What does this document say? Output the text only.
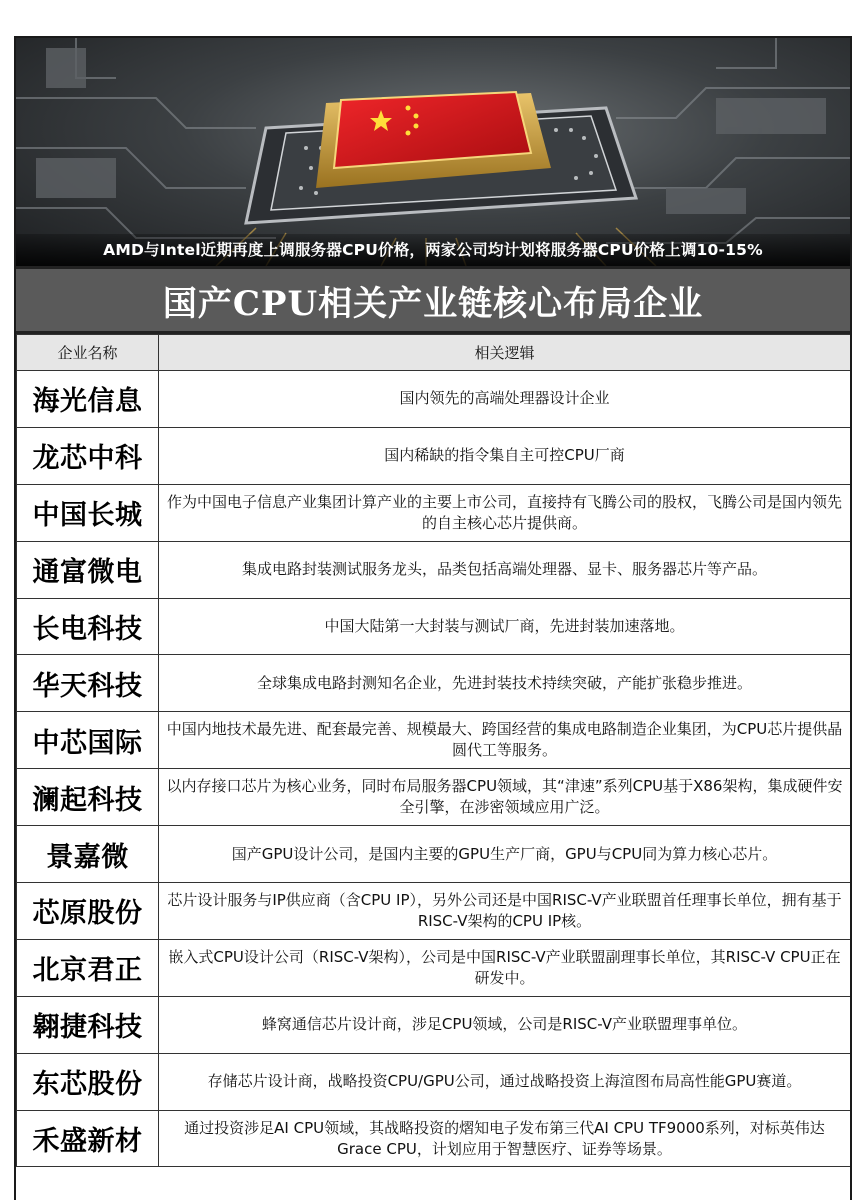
AMD与Intel近期再度上调服务器CPU价格，两家公司均计划将服务器CPU价格上调10-15%
国产CPU相关产业链核心布局企业
企业名称	相关逻辑
海光信息	国内领先的高端处理器设计企业
龙芯中科	国内稀缺的指令集自主可控CPU厂商
中国长城	作为中国电子信息产业集团计算产业的主要上市公司，直接持有飞腾公司的股权，飞腾公司是国内领先的自主核心芯片提供商。
通富微电	集成电路封装测试服务龙头，品类包括高端处理器、显卡、服务器芯片等产品。
长电科技	中国大陆第一大封装与测试厂商，先进封装加速落地。
华天科技	全球集成电路封测知名企业，先进封装技术持续突破，产能扩张稳步推进。
中芯国际	中国内地技术最先进、配套最完善、规模最大、跨国经营的集成电路制造企业集团，为CPU芯片提供晶圆代工等服务。
澜起科技	以内存接口芯片为核心业务，同时布局服务器CPU领域，其“津速”系列CPU基于X86架构，集成硬件安全引擎，在涉密领域应用广泛。
景嘉微	国产GPU设计公司，是国内主要的GPU生产厂商，GPU与CPU同为算力核心芯片。
芯原股份	芯片设计服务与IP供应商（含CPU IP），另外公司还是中国RISC-V产业联盟首任理事长单位，拥有基于RISC-V架构的CPU IP核。
北京君正	嵌入式CPU设计公司（RISC-V架构），公司是中国RISC-V产业联盟副理事长单位，其RISC-V CPU正在研发中。
翱捷科技	蜂窝通信芯片设计商，涉足CPU领域，公司是RISC-V产业联盟理事单位。
东芯股份	存储芯片设计商，战略投资CPU/GPU公司，通过战略投资上海渲图布局高性能GPU赛道。
禾盛新材	通过投资涉足AI CPU领域，其战略投资的熠知电子发布第三代AI CPU TF9000系列，对标英伟达Grace CPU，计划应用于智慧医疗、证券等场景。
